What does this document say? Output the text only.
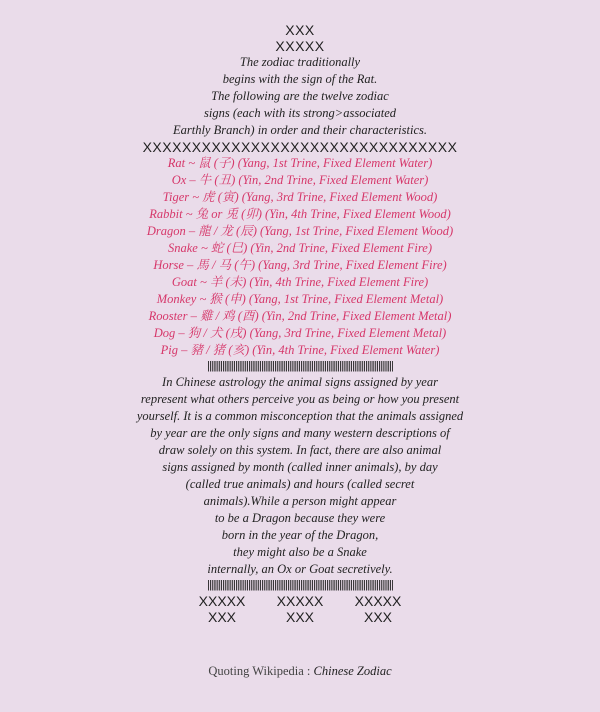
XXX
XXXXX
The zodiac traditionally
begins with the sign of the Rat.
The following are the twelve zodiac
signs (each with its strong>associated
Earthly Branch) in order and their characteristics.
XXXXXXXXXXXXXXXXXXXXXXXXXXXXXXXX
Rat ~ 鼠 (子) (Yang, 1st Trine, Fixed Element Water)
Ox – 牛 (丑) (Yin, 2nd Trine, Fixed Element Water)
Tiger ~ 虎 (寅) (Yang, 3rd Trine, Fixed Element Wood)
Rabbit ~ 兔 or 兎 (卯) (Yin, 4th Trine, Fixed Element Wood)
Dragon – 龍 / 龙 (辰) (Yang, 1st Trine, Fixed Element Wood)
Snake ~ 蛇 (巳) (Yin, 2nd Trine, Fixed Element Fire)
Horse – 馬 / 马 (午) (Yang, 3rd Trine, Fixed Element Fire)
Goat ~ 羊 (未) (Yin, 4th Trine, Fixed Element Fire)
Monkey ~ 猴 (申) (Yang, 1st Trine, Fixed Element Metal)
Rooster – 雞 / 鸡 (酉) (Yin, 2nd Trine, Fixed Element Metal)
Dog – 狗 / 犬 (戌) (Yang, 3rd Trine, Fixed Element Metal)
Pig – 豬 / 猪 (亥) (Yin, 4th Trine, Fixed Element Water)
||||||||||||||||||||||||||||||||||||||||||||||||||||||||||||||||||||||||||||||||||||||||||||||||||||
In Chinese astrology the animal signs assigned by year
represent what others perceive you as being or how you present
yourself. It is a common misconception that the animals assigned
by year are the only signs and many western descriptions of
draw solely on this system. In fact, there are also animal
signs assigned by month (called inner animals), by day
(called true animals) and hours (called secret
animals).While a person might appear
to be a Dragon because they were
born in the year of the Dragon,
they might also be a Snake
internally, an Ox or Goat secretively.
||||||||||||||||||||||||||||||||||||||||||||||||||||||||||||||||||||||||||||||||||||||||||||||||||||
XXXXX XXXXX XXXXX
XXX	XXX	XXX
Quoting Wikipedia : Chinese Zodiac
